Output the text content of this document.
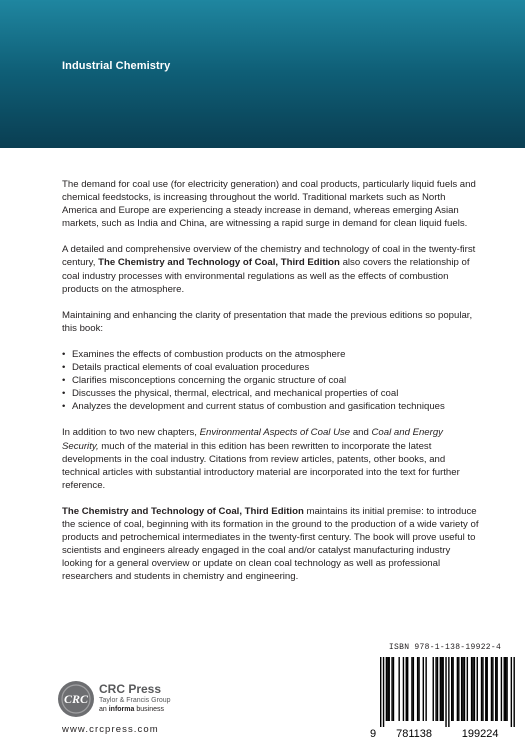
Industrial Chemistry

The demand for coal use (for electricity generation) and coal products, particularly liquid fuels and chemical feedstocks, is increasing throughout the world. Traditional markets such as North America and Europe are experiencing a steady increase in demand, whereas emerging Asian markets, such as India and China, are witnessing a rapid surge in demand for clean liquid fuels.

A detailed and comprehensive overview of the chemistry and technology of coal in the twenty-first century, The Chemistry and Technology of Coal, Third Edition also covers the relationship of coal industry processes with environmental regulations as well as the effects of combustion products on the atmosphere.

Maintaining and enhancing the clarity of presentation that made the previous editions so popular, this book:

• Examines the effects of combustion products on the atmosphere
• Details practical elements of coal evaluation procedures
• Clarifies misconceptions concerning the organic structure of coal
• Discusses the physical, thermal, electrical, and mechanical properties of coal
• Analyzes the development and current status of combustion and gasification techniques

In addition to two new chapters, Environmental Aspects of Coal Use and Coal and Energy Security, much of the material in this edition has been rewritten to incorporate the latest developments in the coal industry. Citations from review articles, patents, other books, and technical articles with substantial introductory material are incorporated into the text for further reference.

The Chemistry and Technology of Coal, Third Edition maintains its initial premise: to introduce the science of coal, beginning with its formation in the ground to the production of a wide variety of products and petrochemical intermediates in the twenty-first century. The book will prove useful to scientists and engineers already engaged in the coal and/or catalyst manufacturing industry looking for a general overview or update on clean coal technology as well as professional researchers and students in chemistry and engineering.

CRC
CRC Press
Taylor & Francis Group
an informa business
www.crcpress.com
ISBN 978-1-138-19922-4
9 781138	199224
